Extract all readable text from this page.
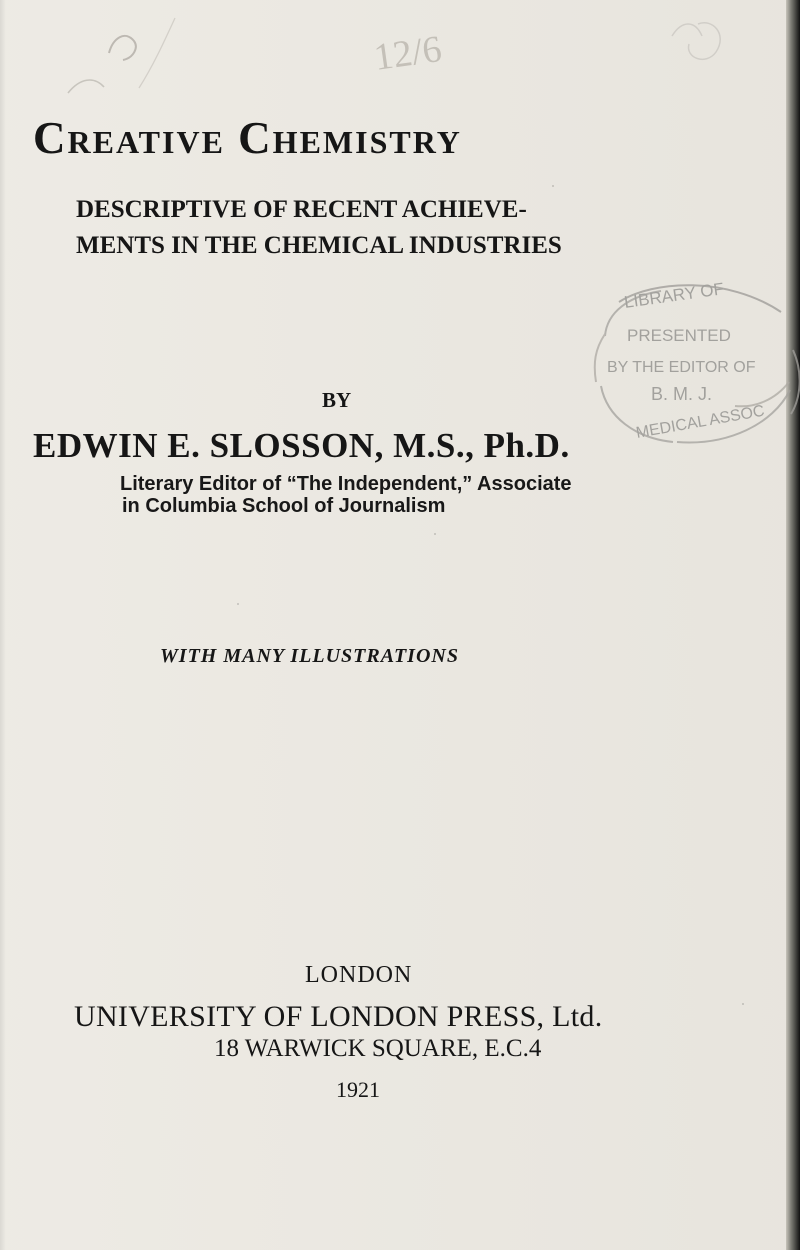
12/6
Creative Chemistry
DESCRIPTIVE OF RECENT ACHIEVE-
MENTS IN THE CHEMICAL INDUSTRIES
LIBRARY OF
PRESENTED
BY THE EDITOR OF
B. M. J.
MEDICAL ASSOC
BY
EDWIN E. SLOSSON, M.S., Ph.D.
Literary Editor of “The Independent,” Associate
in Columbia School of Journalism
WITH MANY ILLUSTRATIONS
LONDON
UNIVERSITY OF LONDON PRESS, Ltd.
18 WARWICK SQUARE, E.C.4
1921
